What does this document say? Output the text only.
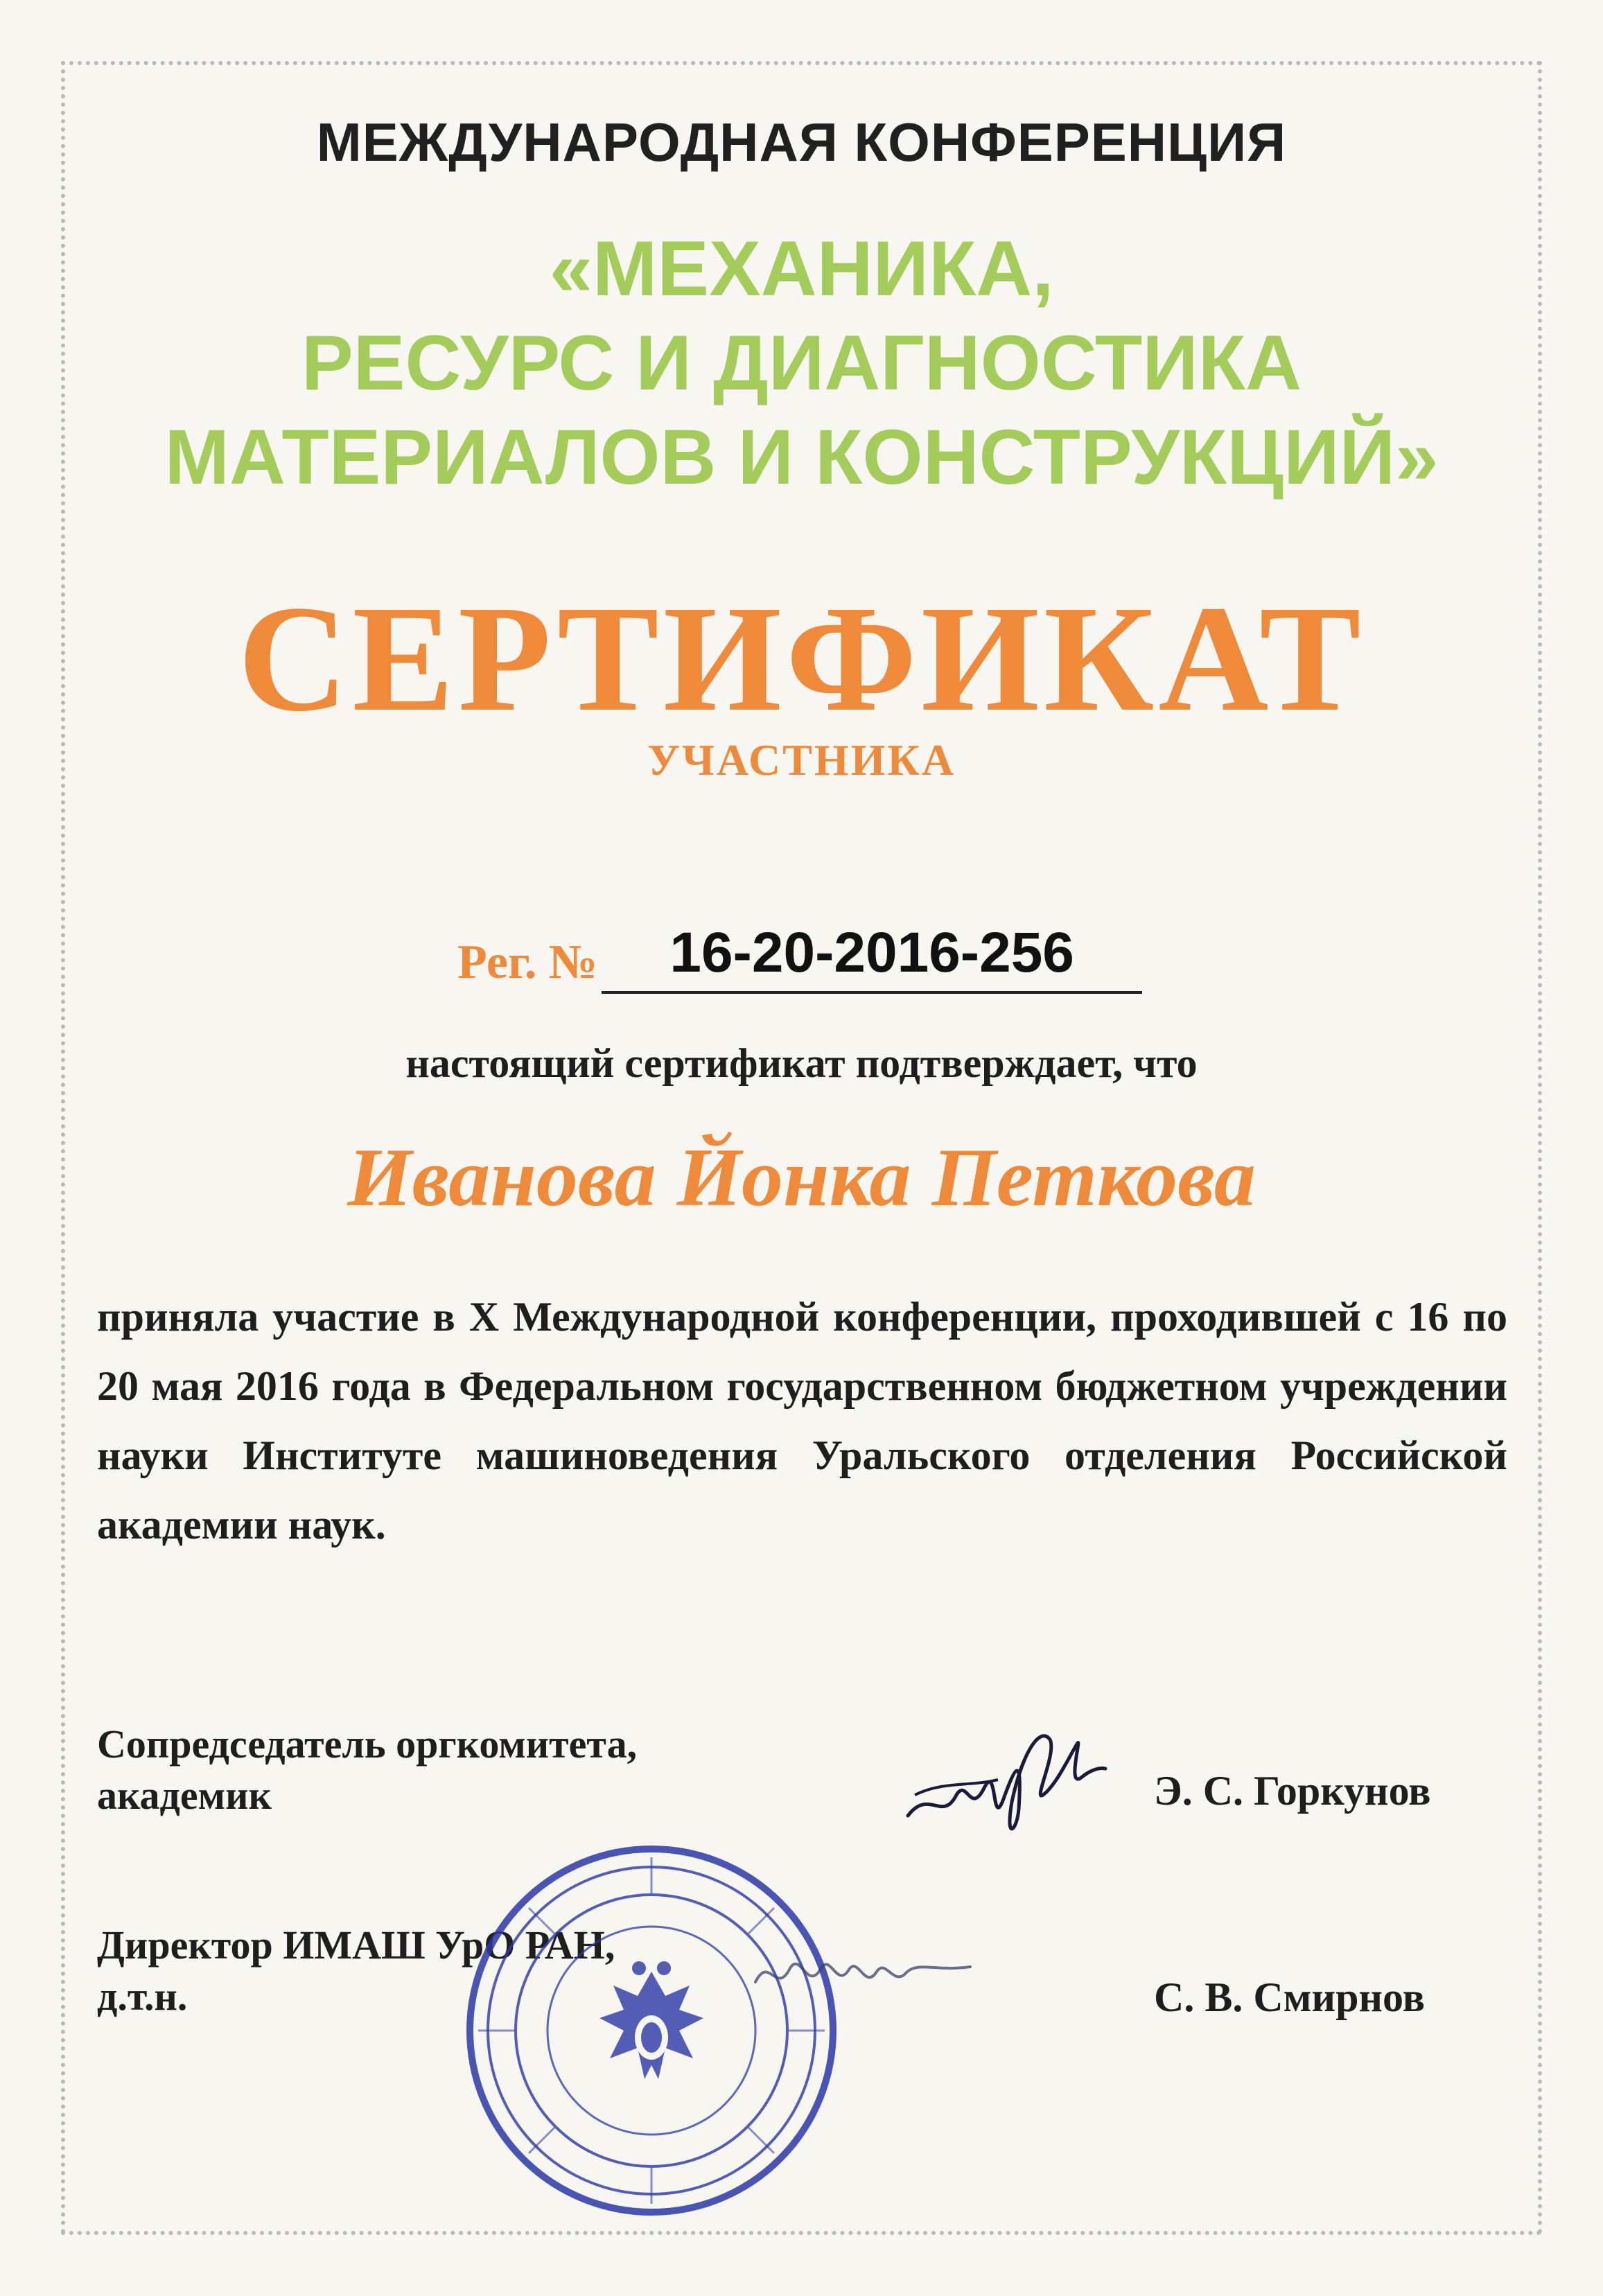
МЕЖДУНАРОДНАЯ КОНФЕРЕНЦИЯ
«МЕХАНИКА,
РЕСУРС И ДИАГНОСТИКА
МАТЕРИАЛОВ И КОНСТРУКЦИЙ»
СЕРТИФИКАТ
УЧАСТНИКА
Рег. №	16-20-2016-256
настоящий сертификат подтверждает, что
Иванова Йонка Петкова
приняла участие в X Международной конференции, проходившей с 16 по 20 мая 2016 года в Федеральном государственном бюджетном учреждении науки Институте машиноведения Уральского отделения Российской академии наук.
Сопредседатель оргкомитета,
академик	Э. С. Горкунов
Директор ИМАШ УрО РАН,
д.т.н.	С. В. Смирнов
